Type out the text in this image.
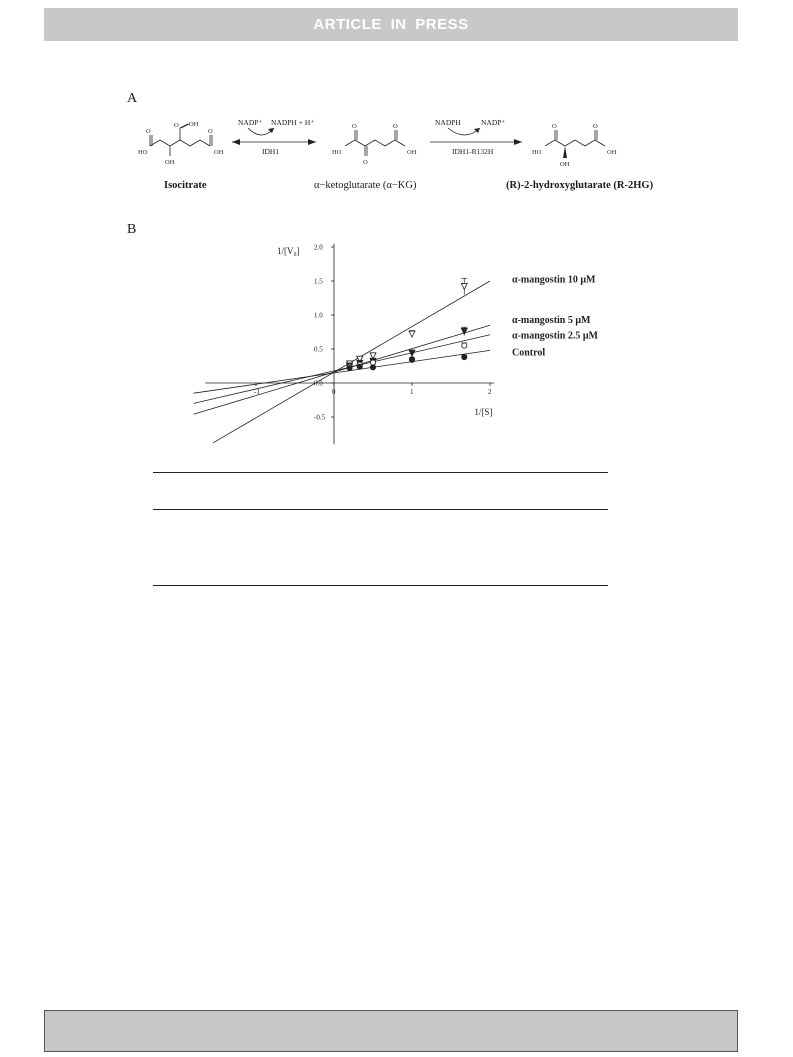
ARTICLE IN PRESS
A
O
HO
OH
O OH
O
OH
O
HO
O
O
OH
O
HO
OH
O
OH
NADP⁺ NADPH + H⁺
IDH1
NADPH	NADP⁺
IDH1-R132H
Isocitrate	α−ketoglutarate (α−KG)	(R)-2-hydroxyglutarate (R-2HG)
B
-1	0	1	2
-0.5
0.0
0.5
1.0
1.5
2.0
1/[V₀]
1/[S]
α-mangostin 10 μM
α-mangostin 5 μM
α-mangostin 2.5 μM
Control
